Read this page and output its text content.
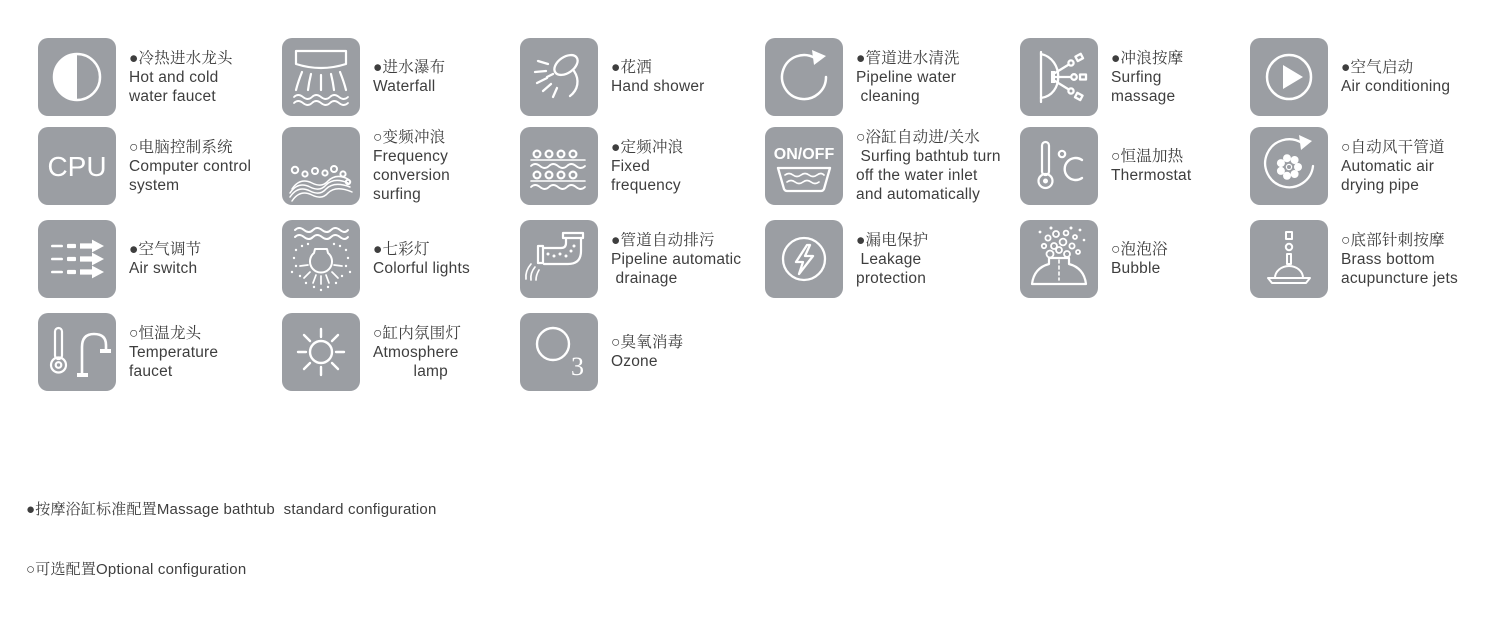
●冷热进水龙头
Hot and cold
water faucet
●进水瀑布
Waterfall
●花洒
Hand shower
●管道进水清洗
Pipeline water
cleaning
●冲浪按摩
Surfing
massage
●空气启动
Air conditioning
CPU
○电脑控制系统
Computer control
system
○变频冲浪
Frequency
conversion
surfing
●定频冲浪
Fixed
frequency
ON/OFF
○浴缸自动进/关水
Surfing bathtub turn
off the water inlet
and automatically
○恒温加热
Thermostat
○自动风干管道
Automatic air
drying pipe
●空气调节
Air switch
●七彩灯
Colorful lights
●管道自动排污
Pipeline automatic
drainage
●漏电保护
Leakage
protection
○泡泡浴
Bubble
○底部针刺按摩
Brass bottom
acupuncture jets
○恒温龙头
Temperature
faucet
○缸内氛围灯
Atmosphere
lamp	3
○臭氧消毒
Ozone

●按摩浴缸标准配置Massage bathtub  standard configuration

○可选配置Optional configuration
